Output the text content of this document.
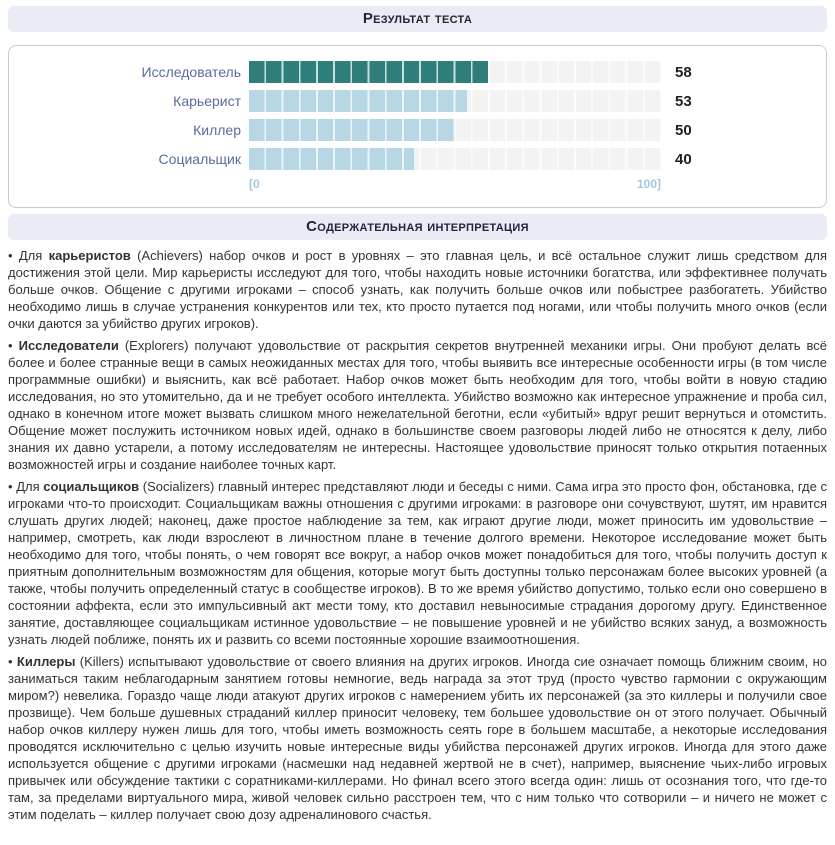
Результат теста
Исследователь	58
Карьерист	53
Киллер	50
Социальщик	40
[0	100]
Содержательная интерпретация

• Для карьеристов (Achievers) набор очков и рост в уровнях – это главная цель, и всё остальное служит лишь средством для достижения этой цели. Мир карьеристы исследуют для того, чтобы находить новые источники богатства, или эффективнее получать больше очков. Общение с другими игроками – способ узнать, как получить больше очков или побыстрее разбогатеть. Убийство необходимо лишь в случае устранения конкурентов или тех, кто просто путается под ногами, или чтобы получить много очков (если очки даются за убийство других игроков).

• Исследователи (Explorers) получают удовольствие от раскрытия секретов внутренней механики игры. Они пробуют делать всё более и более странные вещи в самых неожиданных местах для того, чтобы выявить все интересные особенности игры (в том числе программные ошибки) и выяснить, как всё работает. Набор очков может быть необходим для того, чтобы войти в новую стадию исследования, но это утомительно, да и не требует особого интеллекта. Убийство возможно как интересное упражнение и проба сил, однако в конечном итоге может вызвать слишком много нежелательной беготни, если «убитый» вдруг решит вернуться и отомстить. Общение может послужить источником новых идей, однако в большинстве своем разговоры людей либо не относятся к делу, либо знания их давно устарели, а потому исследователям не интересны. Настоящее удовольствие приносят только открытия потаенных возможностей игры и создание наиболее точных карт.

• Для социальщиков (Socializers) главный интерес представляют люди и беседы с ними. Сама игра это просто фон, обстановка, где с игроками что-то происходит. Социальщикам важны отношения с другими игроками: в разговоре они сочувствуют, шутят, им нравится слушать других людей; наконец, даже простое наблюдение за тем, как играют другие люди, может приносить им удовольствие – например, смотреть, как люди взрослеют в личностном плане в течение долгого времени. Некоторое исследование может быть необходимо для того, чтобы понять, о чем говорят все вокруг, а набор очков может понадобиться для того, чтобы получить доступ к приятным дополнительным возможностям для общения, которые могут быть доступны только персонажам более высоких уровней (а также, чтобы получить определенный статус в сообществе игроков). В то же время убийство допустимо, только если оно совершено в состоянии аффекта, если это импульсивный акт мести тому, кто доставил невыносимые страдания дорогому другу. Единственное занятие, доставляющее социальщикам истинное удовольствие – не повышение уровней и не убийство всяких зануд, а возможность узнать людей поближе, понять их и развить со всеми постоянные хорошие взаимоотношения.

• Киллеры (Killers) испытывают удовольствие от своего влияния на других игроков. Иногда сие означает помощь ближним своим, но заниматься таким неблагодарным занятием готовы немногие, ведь награда за этот труд (просто чувство гармонии с окружающим миром?) невелика. Гораздо чаще люди атакуют других игроков с намерением убить их персонажей (за это киллеры и получили свое прозвище). Чем больше душевных страданий киллер приносит человеку, тем большее удовольствие он от этого получает. Обычный набор очков киллеру нужен лишь для того, чтобы иметь возможность сеять горе в большем масштабе, а некоторые исследования проводятся исключительно с целью изучить новые интересные виды убийства персонажей других игроков. Иногда для этого даже используется общение с другими игроками (насмешки над недавней жертвой не в счет), например, выяснение чьих-либо игровых привычек или обсуждение тактики с соратниками-киллерами. Но финал всего этого всегда один: лишь от осознания того, что где-то там, за пределами виртуального мира, живой человек сильно расстроен тем, что с ним только что сотворили – и ничего не может с этим поделать – киллер получает свою дозу адреналинового счастья.
